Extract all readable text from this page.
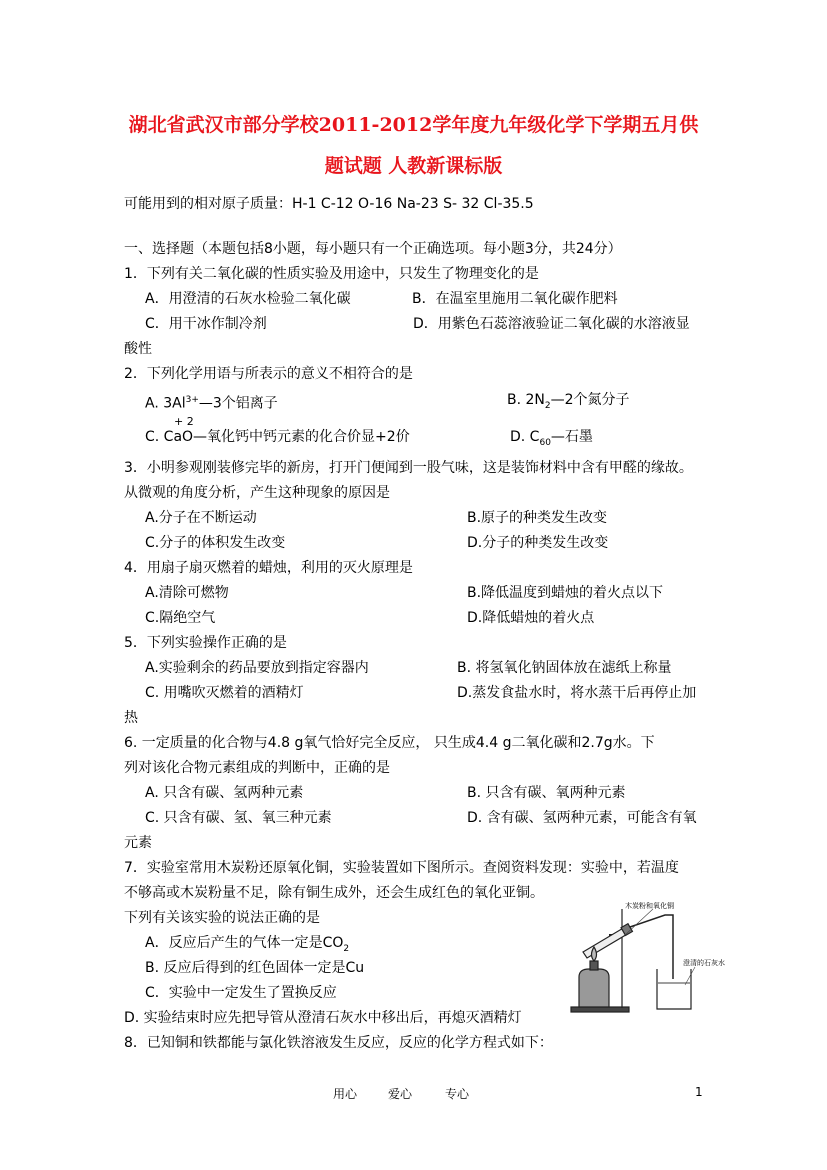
湖北省武汉市部分学校2011-2012学年度九年级化学下学期五月供
题试题 人教新课标版
可能用到的相对原子质量：H-1 C-12 O-16 Na-23 S- 32 Cl-35.5
一、选择题（本题包括8小题，每小题只有一个正确选项。每小题3分，共24分）
1．下列有关二氧化碳的性质实验及用途中，只发生了物理变化的是
A．用澄清的石灰水检验二氧化碳	B．在温室里施用二氧化碳作肥料
C．用干冰作制冷剂	D．用紫色石蕊溶液验证二氧化碳的水溶液显
酸性
2．下列化学用语与所表示的意义不相符合的是
A. $3Al^{3+}—3$个铝离子	B. $2N_2—2$个氮分子
+ 2
C. CaO—氧化钙中钙元素的化合价显+2价	D. $C_{60}—$石墨
3．小明参观刚装修完毕的新房，打开门便闻到一股气味，这是装饰材料中含有甲醛的缘故。
从微观的角度分析，产生这种现象的原因是
A.分子在不断运动	B.原子的种类发生改变
C.分子的体积发生改变	D.分子的种类发生改变
4．用扇子扇灭燃着的蜡烛，利用的灭火原理是
A.清除可燃物	B.降低温度到蜡烛的着火点以下
C.隔绝空气	D.降低蜡烛的着火点
5．下列实验操作正确的是
A.实验剩余的药品要放到指定容器内	B. 将氢氧化钠固体放在滤纸上称量
C. 用嘴吹灭燃着的酒精灯	D.蒸发食盐水时，将水蒸干后再停止加
热
6. 一定质量的化合物与4.8 g氧气恰好完全反应， 只生成4.4 g二氧化碳和2.7g水。下
列对该化合物元素组成的判断中，正确的是
A. 只含有碳、氢两种元素	B. 只含有碳、氧两种元素
C. 只含有碳、氢、氧三种元素	D. 含有碳、氢两种元素，可能含有氧
元素
7．实验室常用木炭粉还原氧化铜，实验装置如下图所示。查阅资料发现：实验中，若温度
不够高或木炭粉量不足，除有铜生成外，还会生成红色的氧化亚铜。
下列有关该实验的说法正确的是
A．反应后产生的气体一定是$CO_2$
B. 反应后得到的红色固体一定是Cu
C．实验中一定发生了置换反应
D. 实验结束时应先把导管从澄清石灰水中移出后，再熄灭酒精灯
木炭粉和氧化铜
澄清的石灰水
8．已知铜和铁都能与氯化铁溶液发生反应，反应的化学方程式如下：
用心	爱心	专心	1
